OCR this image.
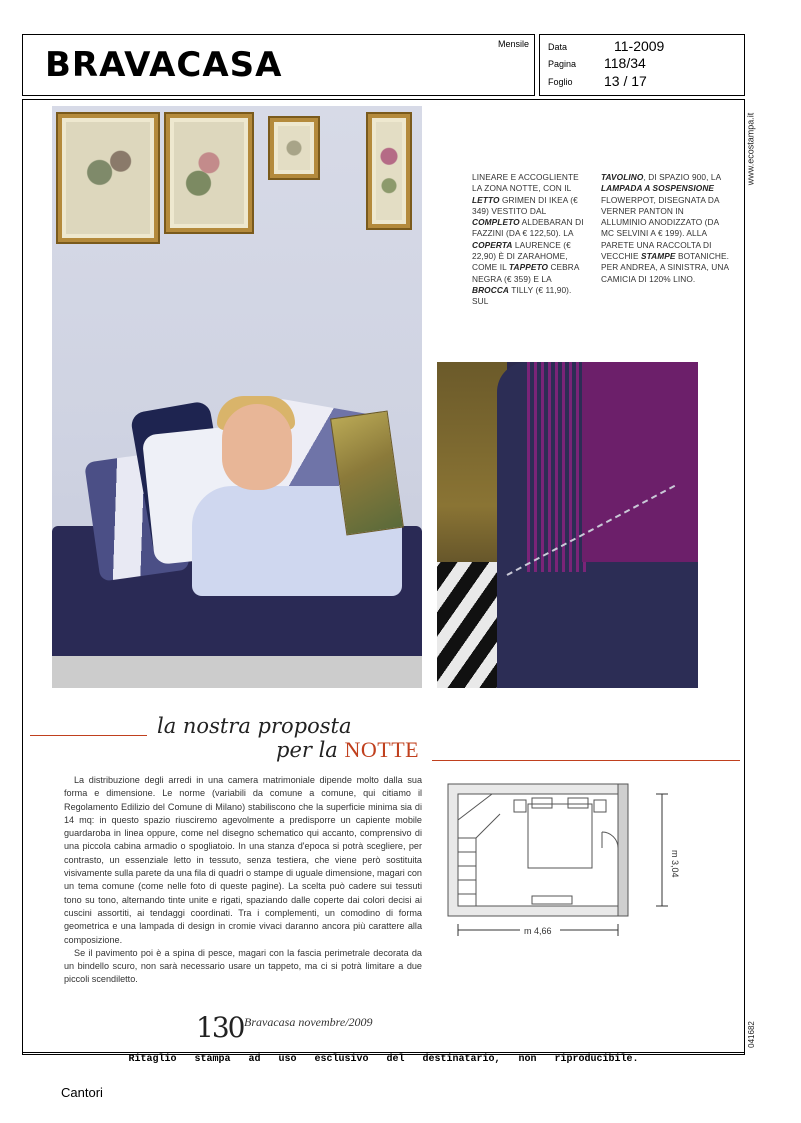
BRAVACASA
Mensile Data	11-2009
Pagina 118/34
Foglio 13 / 17
www.ecostampa.it
041682
LINEARE E ACCOGLIENTE LA ZONA NOTTE, CON IL LETTO GRIMEN DI IKEA (€ 349) VESTITO DAL COMPLETO ALDEBARAN DI FAZZINI (DA € 122,50). LA COPERTA LAURENCE (€ 22,90) È DI ZARAHOME, COME IL TAPPETO CEBRA NEGRA (€ 359) E LA BROCCA TILLY (€ 11,90). SUL
TAVOLINO, DI SPAZIO 900, LA LAMPADA A SOSPENSIONE FLOWERPOT, DISEGNATA DA VERNER PANTON IN ALLUMINIO ANODIZZATO (DA MC SELVINI A € 199). ALLA PARETE UNA RACCOLTA DI VECCHIE STAMPE BOTANICHE. PER ANDREA, A SINISTRA, UNA CAMICIA DI 120% LINO.
la nostra proposta
per la NOTTE

La distribuzione degli arredi in una camera matrimoniale dipende molto dalla sua forma e dimensione. Le norme (variabili da comune a comune, qui citiamo il Regolamento Edilizio del Comune di Milano) stabiliscono che la superficie minima sia di 14 mq: in questo spazio riusciremo agevolmente a predisporre un capiente mobile guardaroba in linea oppure, come nel disegno schematico qui accanto, comprensivo di una piccola cabina armadio o spogliatoio. In una stanza d'epoca si potrà scegliere, per contrasto, un essenziale letto in tessuto, senza testiera, che viene però sostituita visivamente sulla parete da una fila di quadri o stampe di uguale dimensione, magari con un tema comune (come nelle foto di queste pagine). La scelta può cadere sui tessuti tono su tono, alternando tinte unite e rigati, spaziando dalle coperte dai colori decisi ai cuscini assortiti, ai tendaggi coordinati. Tra i complementi, un comodino di forma geometrica e una lampada di design in cromie vivaci daranno ancora più carattere alla composizione.

Se il pavimento poi è a spina di pesce, magari con la fascia perimetrale decorata da un bindello scuro, non sarà necessario usare un tappeto, ma ci si potrà limitare a due piccoli scendiletto.

m 3,04
m 4,66
130 Bravacasa novembre/2009
Ritaglio stampa ad uso esclusivo del destinatario, non riproducibile.
Cantori
